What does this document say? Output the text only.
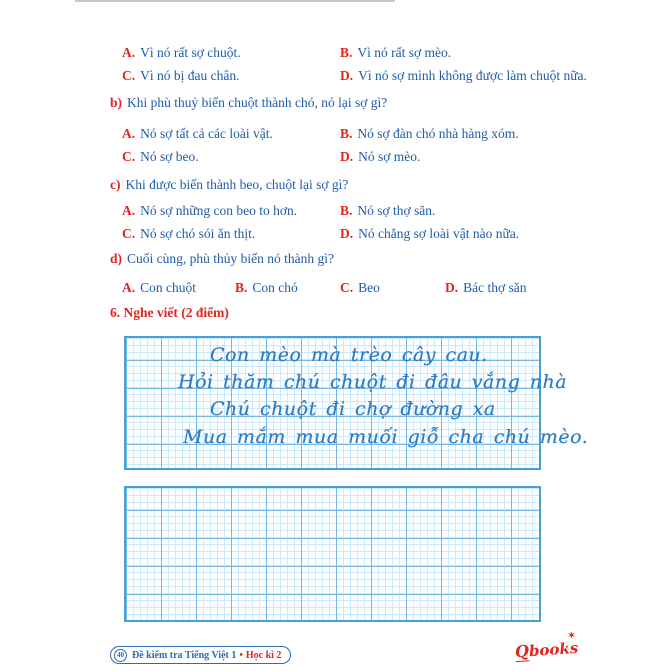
A. Vì nó rất sợ chuột.	B. Vì nó rất sợ mèo.
C. Vì nó bị đau chân.	D. Vì nó sợ mình không được làm chuột nữa.
b) Khi phù thuỷ biến chuột thành chó, nó lại sợ gì?
A. Nó sợ tất cả các loài vật.	B. Nó sợ đàn chó nhà hàng xóm.
C. Nó sợ beo.	D. Nó sợ mèo.
c) Khi được biến thành beo, chuột lại sợ gì?
A. Nó sợ những con beo to hơn.	B. Nó sợ thợ săn.
C. Nó sợ chó sói ăn thịt.	D. Nó chẳng sợ loài vật nào nữa.
d) Cuối cùng, phù thủy biến nó thành gì?
A. Con chuột	B. Con chó	C. Beo	D. Bác thợ săn
6. Nghe viết (2 điểm)
Con mèo mà trèo cây cau.
Hỏi thăm chú chuột đi đâu vắng nhà
Chú chuột đi chợ đường xa
Mua mắm mua muối giỗ cha chú mèo.
40 Đề kiểm tra Tiếng Việt 1 • Học kì 2	Qbooks
✶
